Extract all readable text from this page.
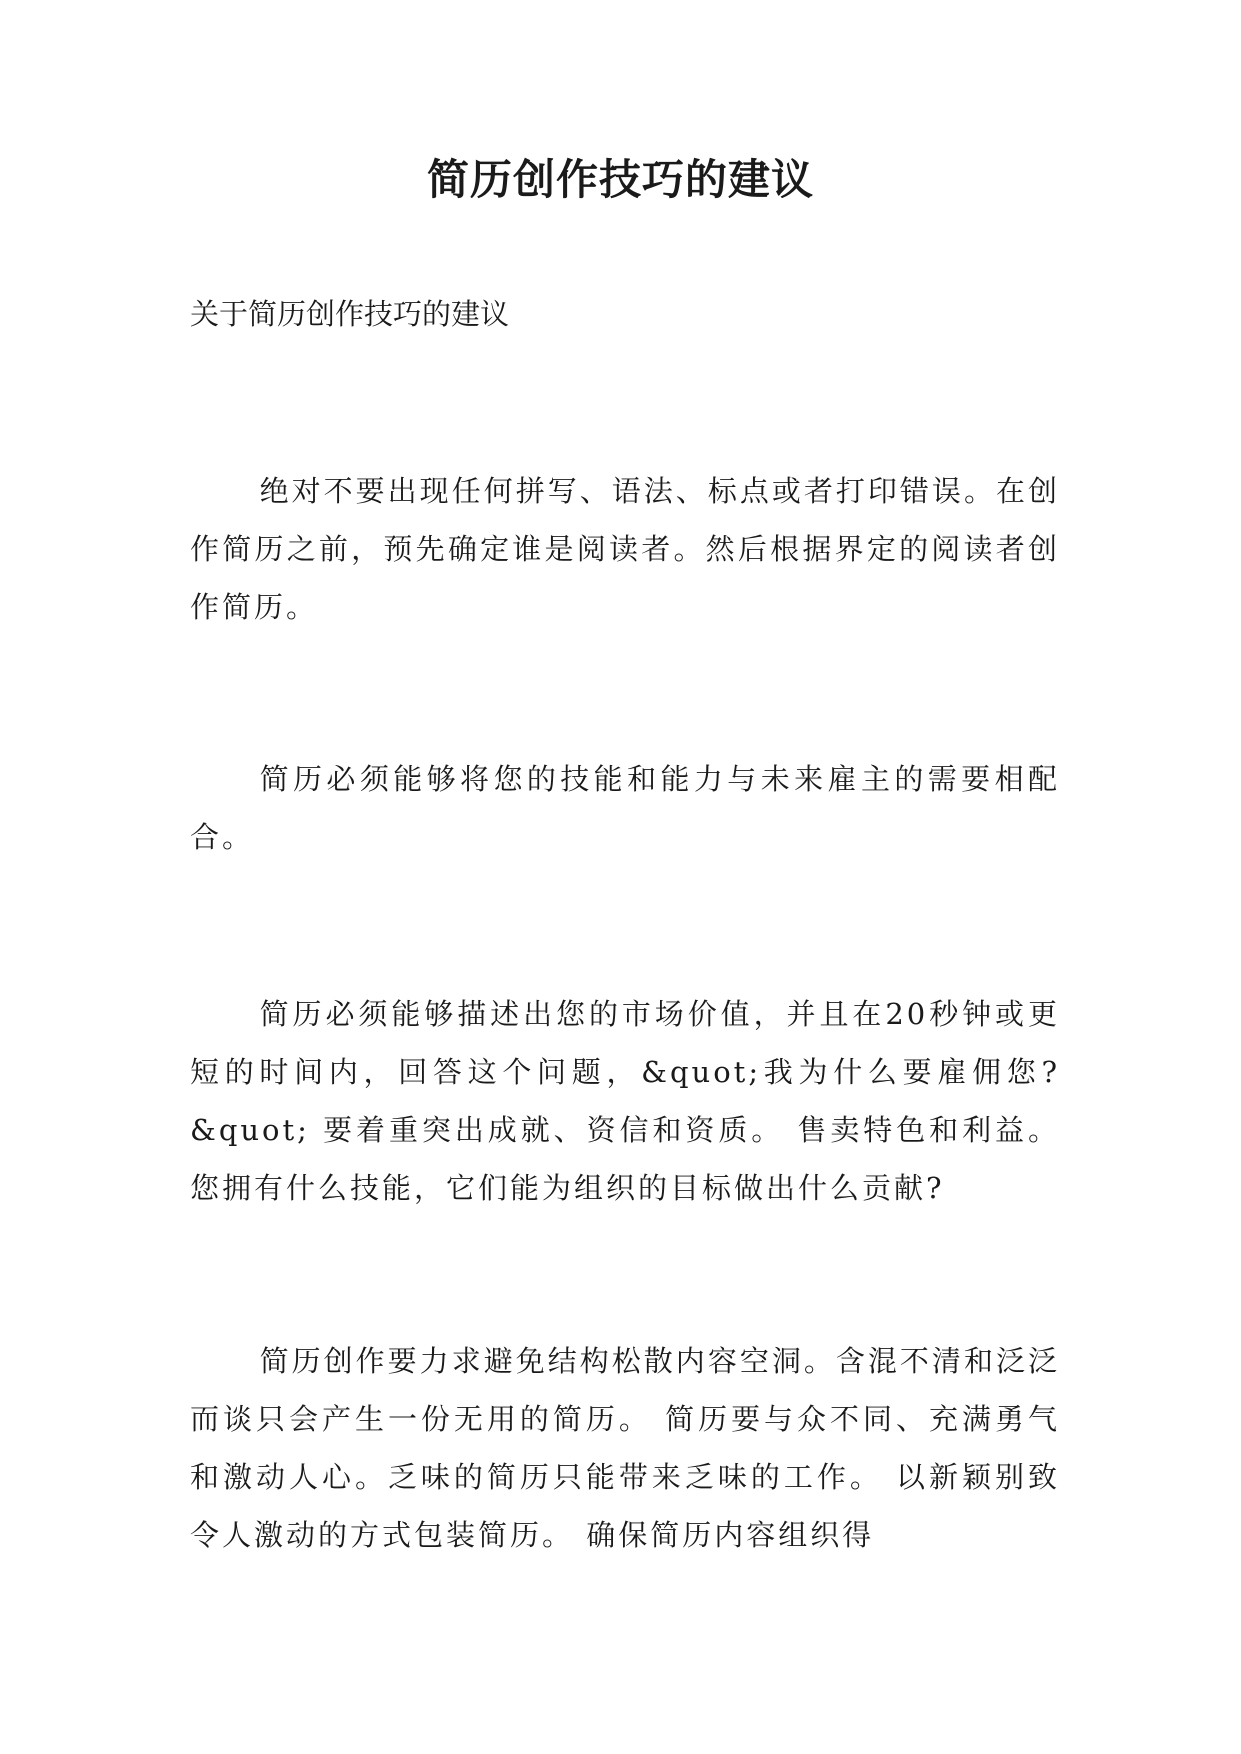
简历创作技巧的建议

关于简历创作技巧的建议

绝对不要出现任何拼写、语法、标点或者打印错误。在创作简历之前，预先确定谁是阅读者。然后根据界定的阅读者创作简历。

简历必须能够将您的技能和能力与未来雇主的需要相配合。

简历必须能够描述出您的市场价值，并且在20秒钟或更短的时间内，回答这个问题，&quot;我为什么要雇佣您?&quot; 要着重突出成就、资信和资质。 售卖特色和利益。您拥有什么技能，它们能为组织的目标做出什么贡献?

简历创作要力求避免结构松散内容空洞。含混不清和泛泛而谈只会产生一份无用的简历。 简历要与众不同、充满勇气和激动人心。乏味的简历只能带来乏味的工作。 以新颖别致令人激动的方式包装简历。 确保简历内容组织得
